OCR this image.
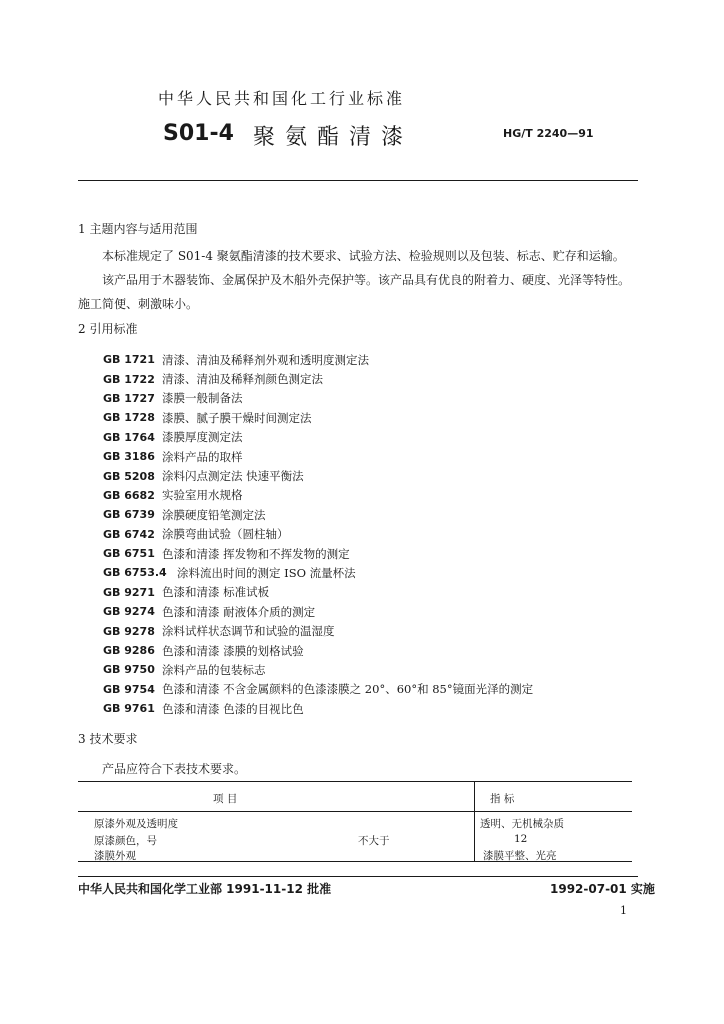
中华人民共和国化工行业标准
S01-4 聚氨酯清漆	HG/T 2240—91
1 主题内容与适用范围
本标准规定了 S01-4 聚氨酯清漆的技术要求、试验方法、检验规则以及包装、标志、贮存和运输。
该产品用于木器装饰、金属保护及木船外壳保护等。该产品具有优良的附着力、硬度、光泽等特性。施工简便、刺激味小。
2 引用标准
GB 1721 清漆、清油及稀释剂外观和透明度测定法
GB 1722 清漆、清油及稀释剂颜色测定法
GB 1727 漆膜一般制备法
GB 1728 漆膜、腻子膜干燥时间测定法
GB 1764 漆膜厚度测定法
GB 3186 涂料产品的取样
GB 5208 涂料闪点测定法 快速平衡法
GB 6682 实验室用水规格
GB 6739 涂膜硬度铅笔测定法
GB 6742 涂膜弯曲试验（圆柱轴）
GB 6751 色漆和清漆 挥发物和不挥发物的测定
GB 6753.4 涂料流出时间的测定 ISO 流量杯法
GB 9271 色漆和清漆 标准试板
GB 9274 色漆和清漆 耐液体介质的测定
GB 9278 涂料试样状态调节和试验的温湿度
GB 9286 色漆和清漆 漆膜的划格试验
GB 9750 涂料产品的包装标志
GB 9754 色漆和清漆 不含金属颜料的色漆漆膜之 20°、60°和 85°镜面光泽的测定
GB 9761 色漆和清漆 色漆的目视比色
3 技术要求
产品应符合下表技术要求。
项 目	指 标
原漆外观及透明度	透明、无机械杂质
原漆颜色，号	不大于	12
漆膜外观	漆膜平整、光亮
中华人民共和国化学工业部 1991-11-12 批准	1992-07-01 实施
1
